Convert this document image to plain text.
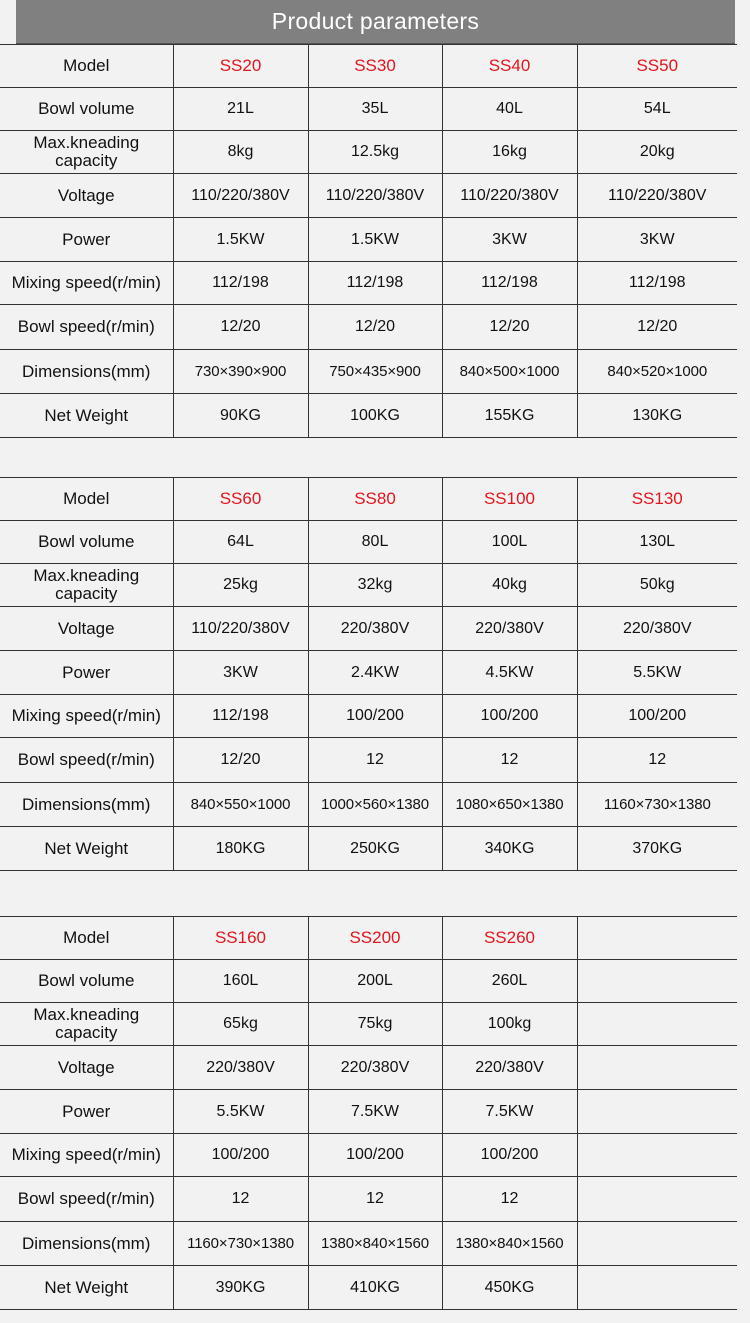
Product parameters
Model	SS20	SS30	SS40	SS50
Bowl volume	21L	35L	40L	54L
Max.kneading capacity	8kg	12.5kg	16kg	20kg
Voltage	110/220/380V	110/220/380V	110/220/380V	110/220/380V
Power	1.5KW	1.5KW	3KW	3KW
Mixing speed(r/min)	112/198	112/198	112/198	112/198
Bowl speed(r/min)	12/20	12/20	12/20	12/20
Dimensions(mm)	730×390×900	750×435×900	840×500×1000	840×520×1000
Net Weight	90KG	100KG	155KG	130KG
Model	SS60	SS80	SS100	SS130
Bowl volume	64L	80L	100L	130L
Max.kneading capacity	25kg	32kg	40kg	50kg
Voltage	110/220/380V	220/380V	220/380V	220/380V
Power	3KW	2.4KW	4.5KW	5.5KW
Mixing speed(r/min)	112/198	100/200	100/200	100/200
Bowl speed(r/min)	12/20	12	12	12
Dimensions(mm)	840×550×1000	1000×560×1380	1080×650×1380	1160×730×1380
Net Weight	180KG	250KG	340KG	370KG
Model	SS160	SS200	SS260	
Bowl volume	160L	200L	260L	
Max.kneading capacity	65kg	75kg	100kg	
Voltage	220/380V	220/380V	220/380V	
Power	5.5KW	7.5KW	7.5KW	
Mixing speed(r/min)	100/200	100/200	100/200	
Bowl speed(r/min)	12	12	12	
Dimensions(mm)	1160×730×1380	1380×840×1560	1380×840×1560	
Net Weight	390KG	410KG	450KG	
